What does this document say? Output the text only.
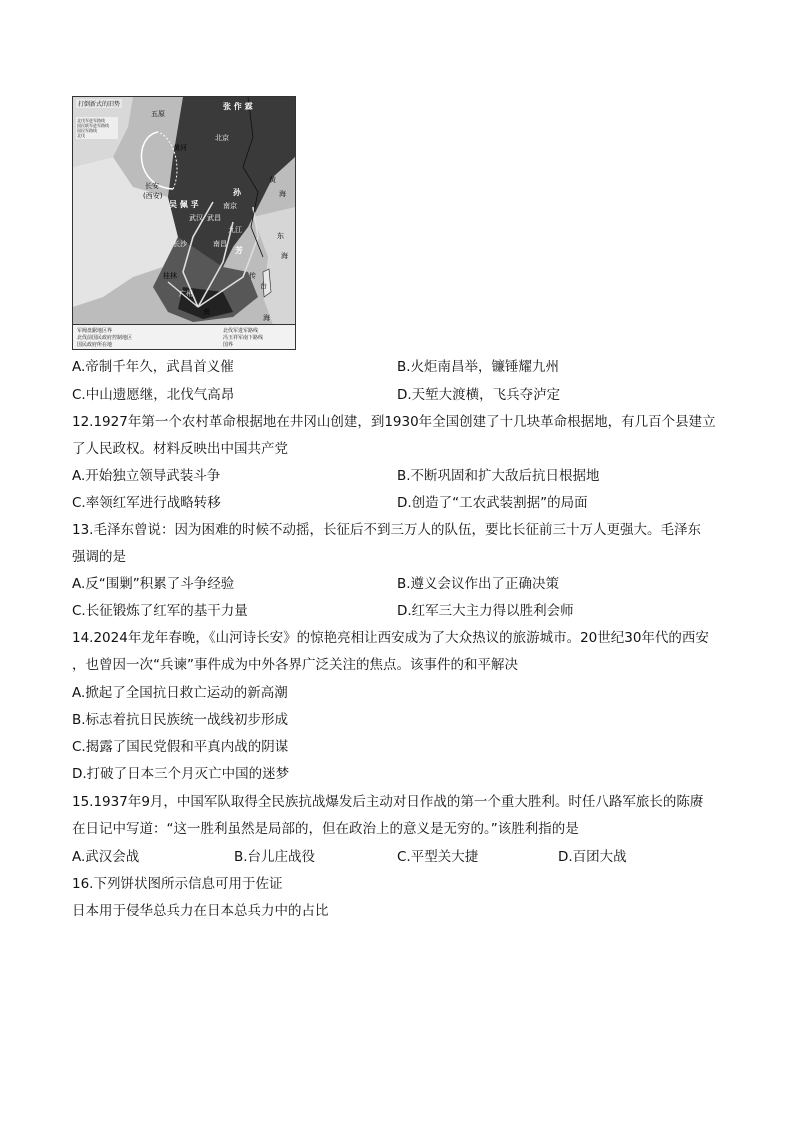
打倒新式的旧势
北伐军进军路线
国民联军进军路线
国民军路线
北伐
张 作 霖
五原
北京
黄河
长安
(西安)
吴 佩 孚	南京
武汉 武昌
九江
南昌
长沙
桂林
广州
孙
芳
黄
海
东
海
南
海
传
台
军阀盘踞地区界
北伐前国民政府控制地区
国民政府所在地
北伐军进军路线
冯玉祥军南下路线
国界
A.帝制千年久，武昌首义催	B.火炬南昌举，镰锤耀九州
C.中山遗愿继，北伐气高昂	D.天堑大渡横，飞兵夺泸定
12.1927年第一个农村革命根据地在井冈山创建，到1930年全国创建了十几块革命根据地，有几百个县建立
了人民政权。材料反映出中国共产党
A.开始独立领导武装斗争	B.不断巩固和扩大敌后抗日根据地
C.率领红军进行战略转移	D.创造了“工农武装割据”的局面
13.毛泽东曾说：因为困难的时候不动摇，长征后不到三万人的队伍，要比长征前三十万人更强大。毛泽东
强调的是
A.反“围剿”积累了斗争经验	B.遵义会议作出了正确决策
C.长征锻炼了红军的基干力量	D.红军三大主力得以胜利会师
14.2024年龙年春晚，《山河诗长安》的惊艳亮相让西安成为了大众热议的旅游城市。20世纪30年代的西安
，也曾因一次“兵谏”事件成为中外各界广泛关注的焦点。该事件的和平解决
A.掀起了全国抗日救亡运动的新高潮
B.标志着抗日民族统一战线初步形成
C.揭露了国民党假和平真内战的阴谋
D.打破了日本三个月灭亡中国的迷梦
15.1937年9月，中国军队取得全民族抗战爆发后主动对日作战的第一个重大胜利。时任八路军旅长的陈赓
在日记中写道：“这一胜利虽然是局部的，但在政治上的意义是无穷的。”该胜利指的是
A.武汉会战	B.台儿庄战役	C.平型关大捷	D.百团大战
16.下列饼状图所示信息可用于佐证
日本用于侵华总兵力在日本总兵力中的占比
